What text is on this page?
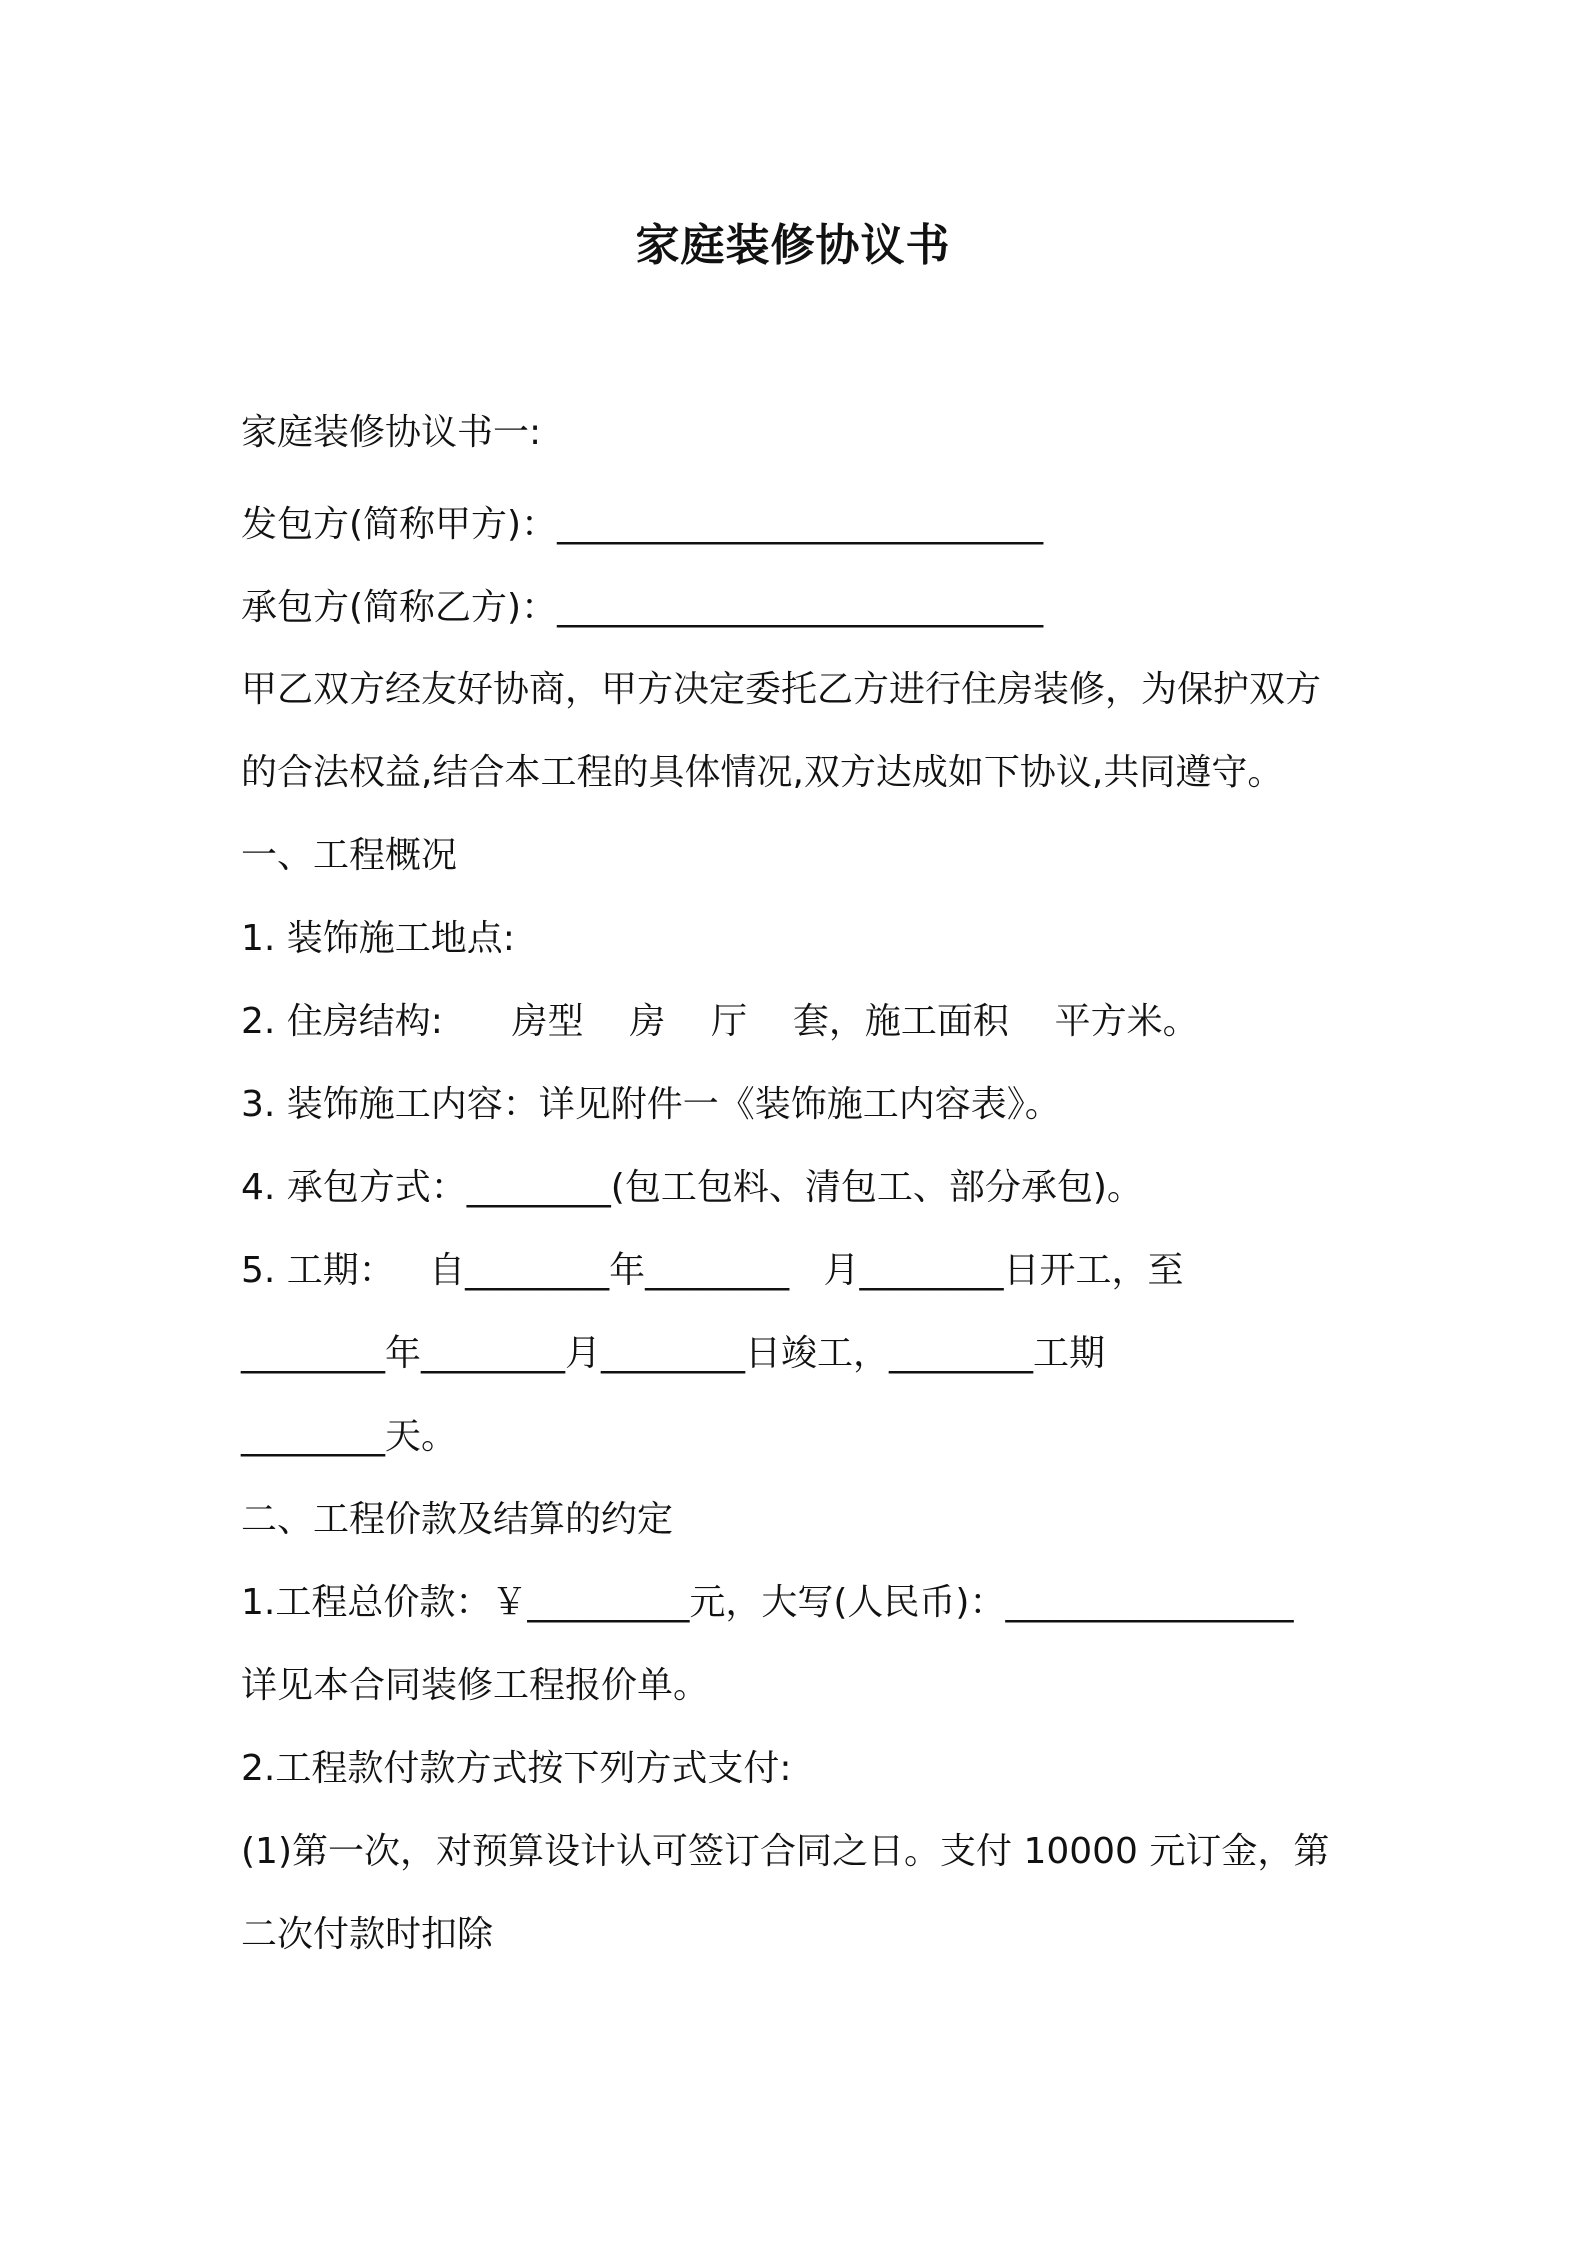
家庭装修协议书
家庭装修协议书一:
发包方(简称甲方)：___________________________
承包方(简称乙方)：___________________________
甲乙双方经友好协商，甲方决定委托乙方进行住房装修，为保护双方
的合法权益,结合本工程的具体情况,双方达成如下协议,共同遵守。
一、工程概况
1. 装饰施工地点:
2. 住房结构:      房型    房    厅    套，施工面积    平方米。
3. 装饰施工内容：详见附件一《装饰施工内容表》。
4. 承包方式：________(包工包料、清包工、部分承包)。
5. 工期：   自________年________   月________日开工，至
________年________月________日竣工，________工期
________天。
二、工程价款及结算的约定
1.工程总价款：￥_________元，大写(人民币)：________________
详见本合同装修工程报价单。
2.工程款付款方式按下列方式支付:
(1)第一次，对预算设计认可签订合同之日。支付 10000 元订金，第
二次付款时扣除
